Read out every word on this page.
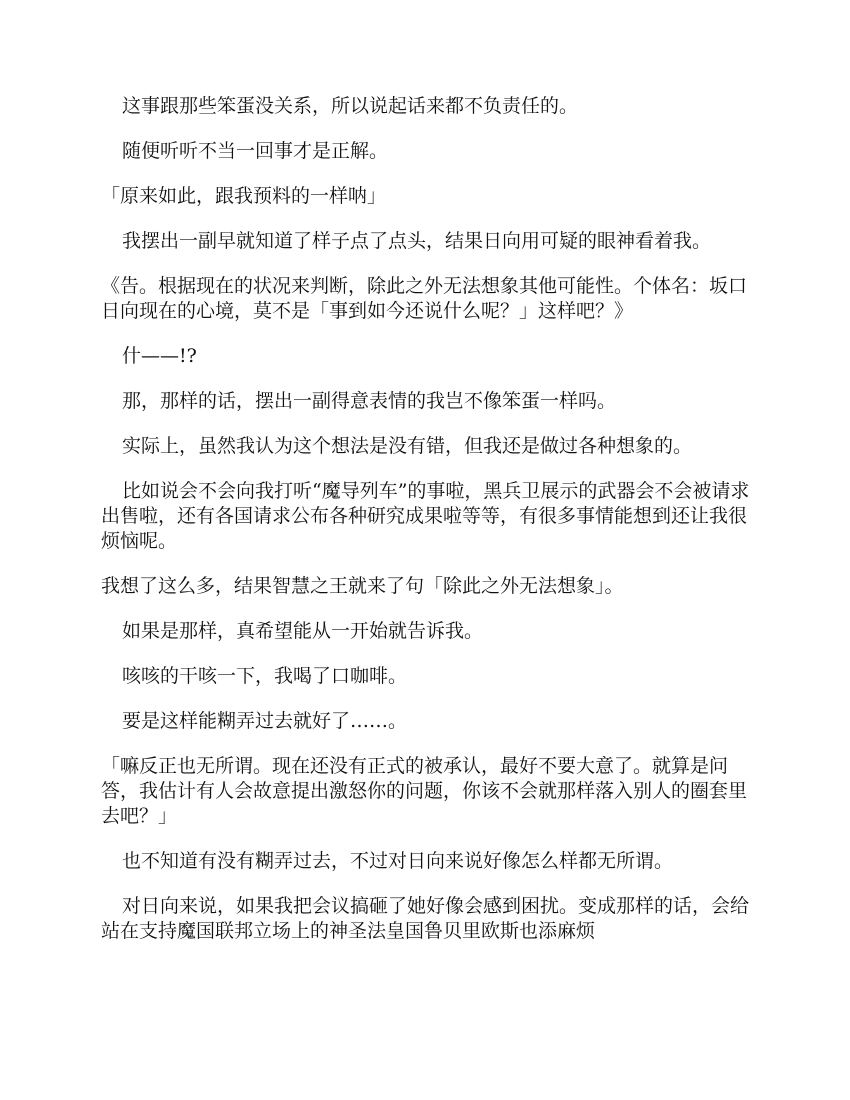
这事跟那些笨蛋没关系，所以说起话来都不负责任的。

随便听听不当一回事才是正解。

「原来如此，跟我预料的一样呐」

我摆出一副早就知道了样子点了点头，结果日向用可疑的眼神看着我。

《告。根据现在的状况来判断，除此之外无法想象其他可能性。个体名：坂口日向现在的心境，莫不是「事到如今还说什么呢？」这样吧？》

什——!?

那，那样的话，摆出一副得意表情的我岂不像笨蛋一样吗。

实际上，虽然我认为这个想法是没有错，但我还是做过各种想象的。

比如说会不会向我打听“魔导列车”的事啦，黑兵卫展示的武器会不会被请求出售啦，还有各国请求公布各种研究成果啦等等，有很多事情能想到还让我很烦恼呢。

我想了这么多，结果智慧之王就来了句「除此之外无法想象」。

如果是那样，真希望能从一开始就告诉我。

咳咳的干咳一下，我喝了口咖啡。

要是这样能糊弄过去就好了……。

「嘛反正也无所谓。现在还没有正式的被承认，最好不要大意了。就算是问答，我估计有人会故意提出激怒你的问题，你该不会就那样落入别人的圈套里去吧？」

也不知道有没有糊弄过去，不过对日向来说好像怎么样都无所谓。

对日向来说，如果我把会议搞砸了她好像会感到困扰。变成那样的话，会给站在支持魔国联邦立场上的神圣法皇国鲁贝里欧斯也添麻烦
